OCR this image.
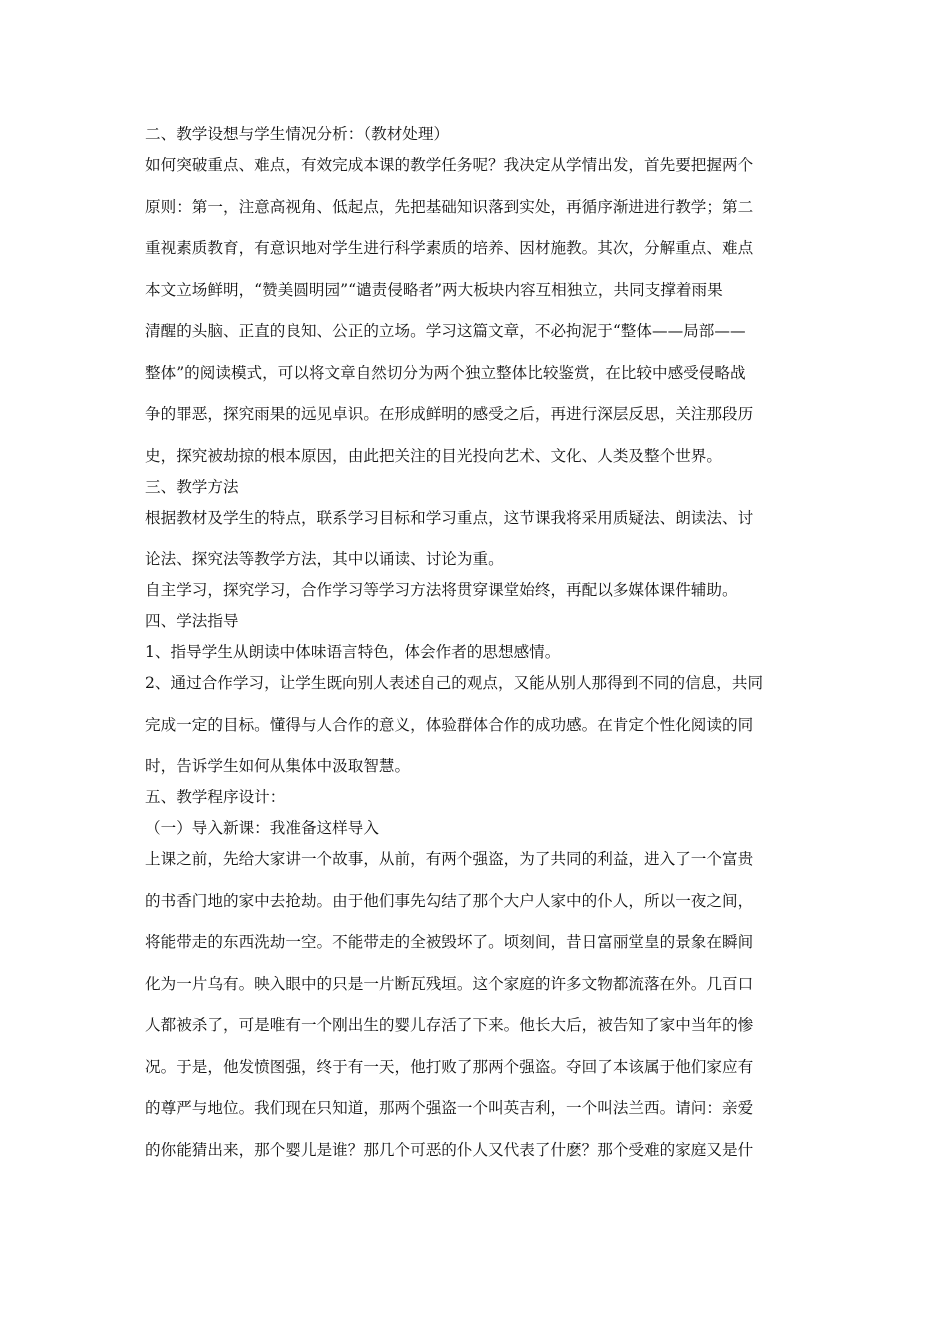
二、教学设想与学生情况分析：（教材处理）

如何突破重点、难点，有效完成本课的教学任务呢？我决定从学情出发，首先要把握两个

原则：第一，注意高视角、低起点，先把基础知识落到实处，再循序渐进进行教学；第二

重视素质教育，有意识地对学生进行科学素质的培养、因材施教。其次，分解重点、难点

本文立场鲜明，“赞美圆明园”“谴责侵略者”两大板块内容互相独立，共同支撑着雨果

清醒的头脑、正直的良知、公正的立场。学习这篇文章，不必拘泥于“整体——局部——

整体”的阅读模式，可以将文章自然切分为两个独立整体比较鉴赏，在比较中感受侵略战

争的罪恶，探究雨果的远见卓识。在形成鲜明的感受之后，再进行深层反思，关注那段历

史，探究被劫掠的根本原因，由此把关注的目光投向艺术、文化、人类及整个世界。

三、教学方法

根据教材及学生的特点，联系学习目标和学习重点，这节课我将采用质疑法、朗读法、讨

论法、探究法等教学方法，其中以诵读、讨论为重。

自主学习，探究学习，合作学习等学习方法将贯穿课堂始终，再配以多媒体课件辅助。

四、学法指导

1、指导学生从朗读中体味语言特色，体会作者的思想感情。

2、通过合作学习，让学生既向别人表述自己的观点，又能从别人那得到不同的信息，共同

完成一定的目标。懂得与人合作的意义，体验群体合作的成功感。在肯定个性化阅读的同

时，告诉学生如何从集体中汲取智慧。

五、教学程序设计：

（一）导入新课：我准备这样导入

上课之前，先给大家讲一个故事，从前，有两个强盗，为了共同的利益，进入了一个富贵

的书香门地的家中去抢劫。由于他们事先勾结了那个大户人家中的仆人，所以一夜之间，

将能带走的东西洗劫一空。不能带走的全被毁坏了。顷刻间，昔日富丽堂皇的景象在瞬间

化为一片乌有。映入眼中的只是一片断瓦残垣。这个家庭的许多文物都流落在外。几百口

人都被杀了，可是唯有一个刚出生的婴儿存活了下来。他长大后，被告知了家中当年的惨

况。于是，他发愤图强，终于有一天，他打败了那两个强盗。夺回了本该属于他们家应有

的尊严与地位。我们现在只知道，那两个强盗一个叫英吉利，一个叫法兰西。请问：亲爱

的你能猜出来，那个婴儿是谁？那几个可恶的仆人又代表了什麽？那个受难的家庭又是什
